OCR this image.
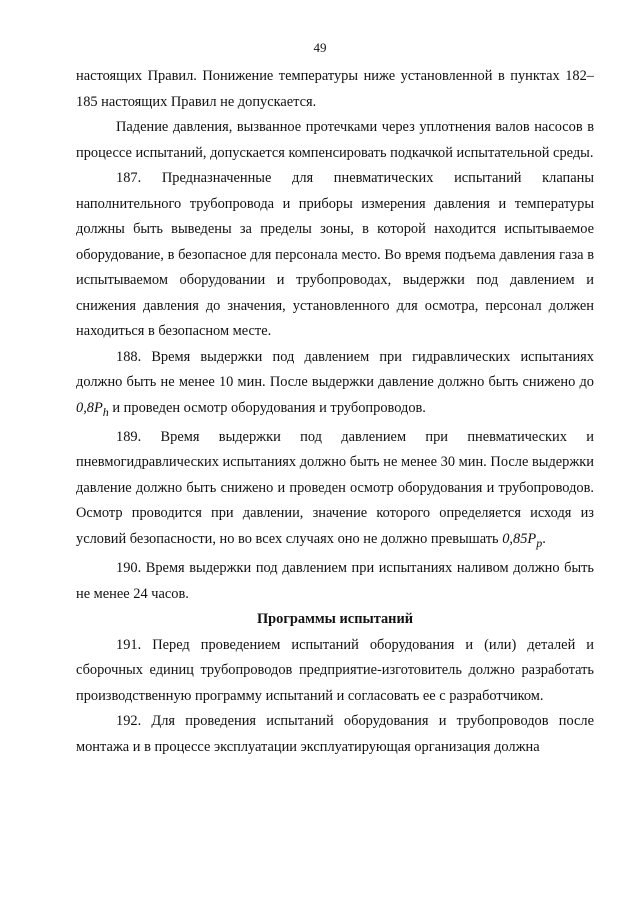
49

настоящих Правил. Понижение температуры ниже установленной в пунктах 182–185 настоящих Правил не допускается.

Падение давления, вызванное протечками через уплотнения валов насосов в процессе испытаний, допускается компенсировать подкачкой испытательной среды.

187. Предназначенные для пневматических испытаний клапаны наполнительного трубопровода и приборы измерения давления и температуры должны быть выведены за пределы зоны, в которой находится испытываемое оборудование, в безопасное для персонала место. Во время подъема давления газа в испытываемом оборудовании и трубопроводах, выдержки под давлением и снижения давления до значения, установленного для осмотра, персонал должен находиться в безопасном месте.

188. Время выдержки под давлением при гидравлических испытаниях должно быть не менее 10 мин. После выдержки давление должно быть снижено до $0,8P_h$ и проведен осмотр оборудования и трубопроводов.

189. Время выдержки под давлением при пневматических и пневмогидравлических испытаниях должно быть не менее 30 мин. После выдержки давление должно быть снижено и проведен осмотр оборудования и трубопроводов. Осмотр проводится при давлении, значение которого определяется исходя из условий безопасности, но во всех случаях оно не должно превышать $0,85P_p$.

190. Время выдержки под давлением при испытаниях наливом должно быть не менее 24 часов.

Программы испытаний

191. Перед проведением испытаний оборудования и (или) деталей и сборочных единиц трубопроводов предприятие-изготовитель должно разработать производственную программу испытаний и согласовать ее с разработчиком.

192. Для проведения испытаний оборудования и трубопроводов после монтажа и в процессе эксплуатации эксплуатирующая организация должна
